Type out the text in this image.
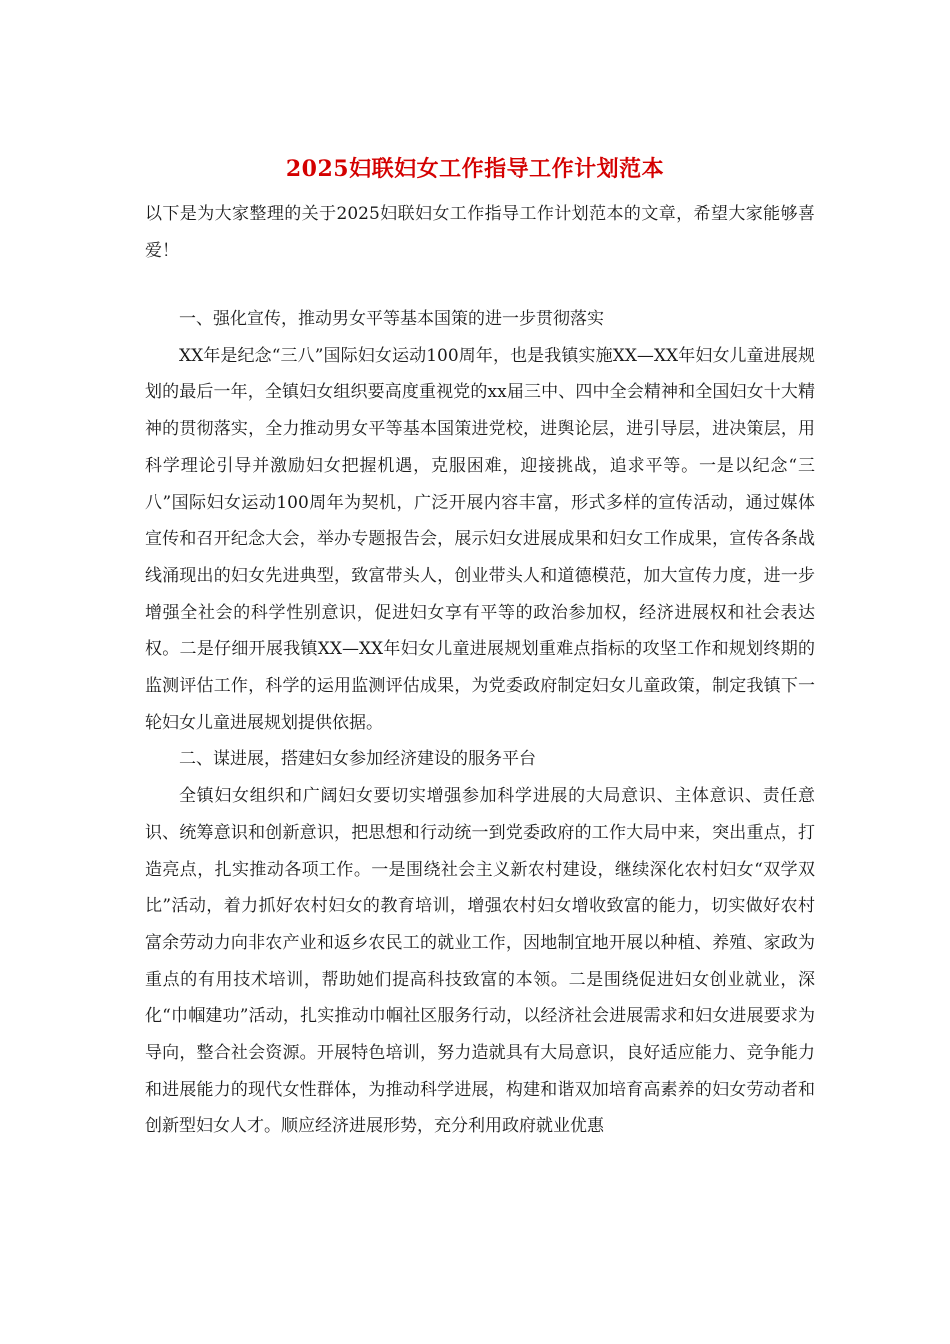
2025妇联妇女工作指导工作计划范本

以下是为大家整理的关于2025妇联妇女工作指导工作计划范本的文章，希望大家能够喜爱！

一、强化宣传，推动男女平等基本国策的进一步贯彻落实

XX年是纪念“三八”国际妇女运动100周年，也是我镇实施XX—XX年妇女儿童进展规划的最后一年，全镇妇女组织要高度重视党的xx届三中、四中全会精神和全国妇女十大精神的贯彻落实，全力推动男女平等基本国策进党校，进舆论层，进引导层，进决策层，用科学理论引导并激励妇女把握机遇，克服困难，迎接挑战，追求平等。一是以纪念“三八”国际妇女运动100周年为契机，广泛开展内容丰富，形式多样的宣传活动，通过媒体宣传和召开纪念大会，举办专题报告会，展示妇女进展成果和妇女工作成果，宣传各条战线涌现出的妇女先进典型，致富带头人，创业带头人和道德模范，加大宣传力度，进一步增强全社会的科学性别意识，促进妇女享有平等的政治参加权，经济进展权和社会表达权。二是仔细开展我镇XX—XX年妇女儿童进展规划重难点指标的攻坚工作和规划终期的监测评估工作，科学的运用监测评估成果，为党委政府制定妇女儿童政策，制定我镇下一轮妇女儿童进展规划提供依据。

二、谋进展，搭建妇女参加经济建设的服务平台

全镇妇女组织和广阔妇女要切实增强参加科学进展的大局意识、主体意识、责任意识、统筹意识和创新意识，把思想和行动统一到党委政府的工作大局中来，突出重点，打造亮点，扎实推动各项工作。一是围绕社会主义新农村建设，继续深化农村妇女“双学双比”活动，着力抓好农村妇女的教育培训，增强农村妇女增收致富的能力，切实做好农村富余劳动力向非农产业和返乡农民工的就业工作，因地制宜地开展以种植、养殖、家政为重点的有用技术培训，帮助她们提高科技致富的本领。二是围绕促进妇女创业就业，深化“巾帼建功”活动，扎实推动巾帼社区服务行动，以经济社会进展需求和妇女进展要求为导向，整合社会资源。开展特色培训，努力造就具有大局意识，良好适应能力、竞争能力和进展能力的现代女性群体，为推动科学进展，构建和谐双加培育高素养的妇女劳动者和创新型妇女人才。顺应经济进展形势，充分利用政府就业优惠
